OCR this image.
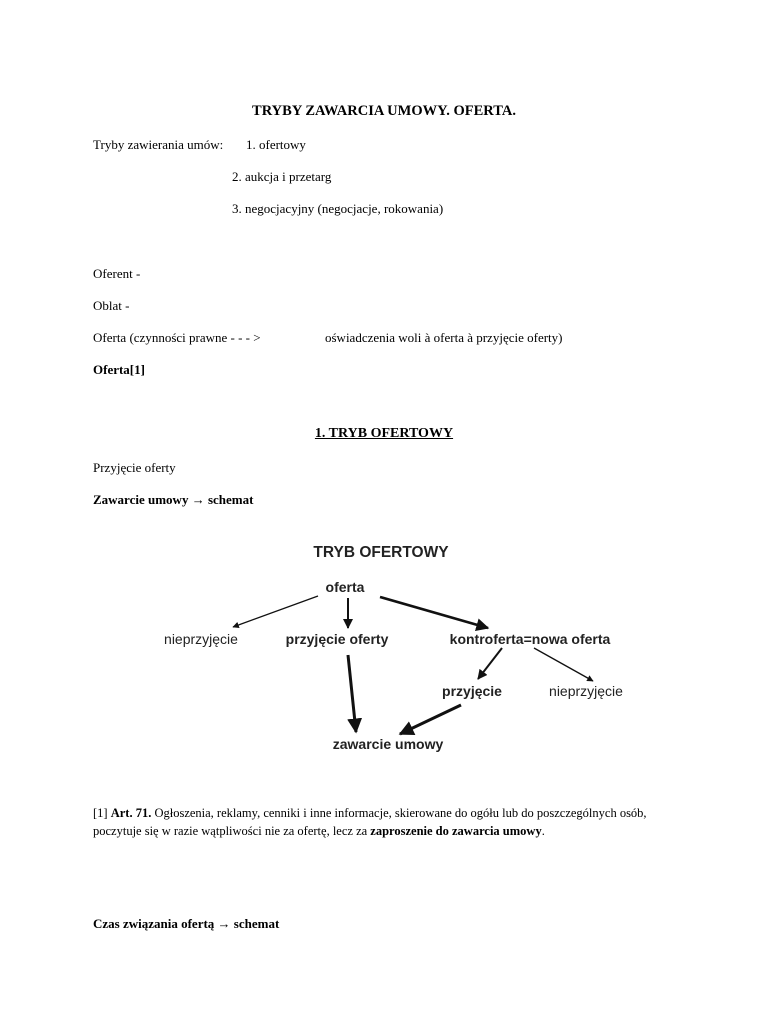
TRYBY ZAWARCIA UMOWY. OFERTA.
Tryby zawierania umów: 1. ofertowy
2. aukcja i przetarg
3. negocjacyjny (negocjacje, rokowania)
Oferent -
Oblat -
Oferta (czynności prawne - - - >	oświadczenia woli à oferta à przyjęcie oferty)
Oferta[1]
1. TRYB OFERTOWY
Przyjęcie oferty
Zawarcie umowy → schemat
TRYB OFERTOWY
oferta
nieprzyjęcie	przyjęcie oferty	kontroferta=nowa oferta
przyjęcie	nieprzyjęcie
zawarcie umowy
[1] Art. 71. Ogłoszenia, reklamy, cenniki i inne informacje, skierowane do ogółu lub do poszczególnych osób, poczytuje się w razie wątpliwości nie za ofertę, lecz za zaproszenie do zawarcia umowy.
Czas związania ofertą → schemat
